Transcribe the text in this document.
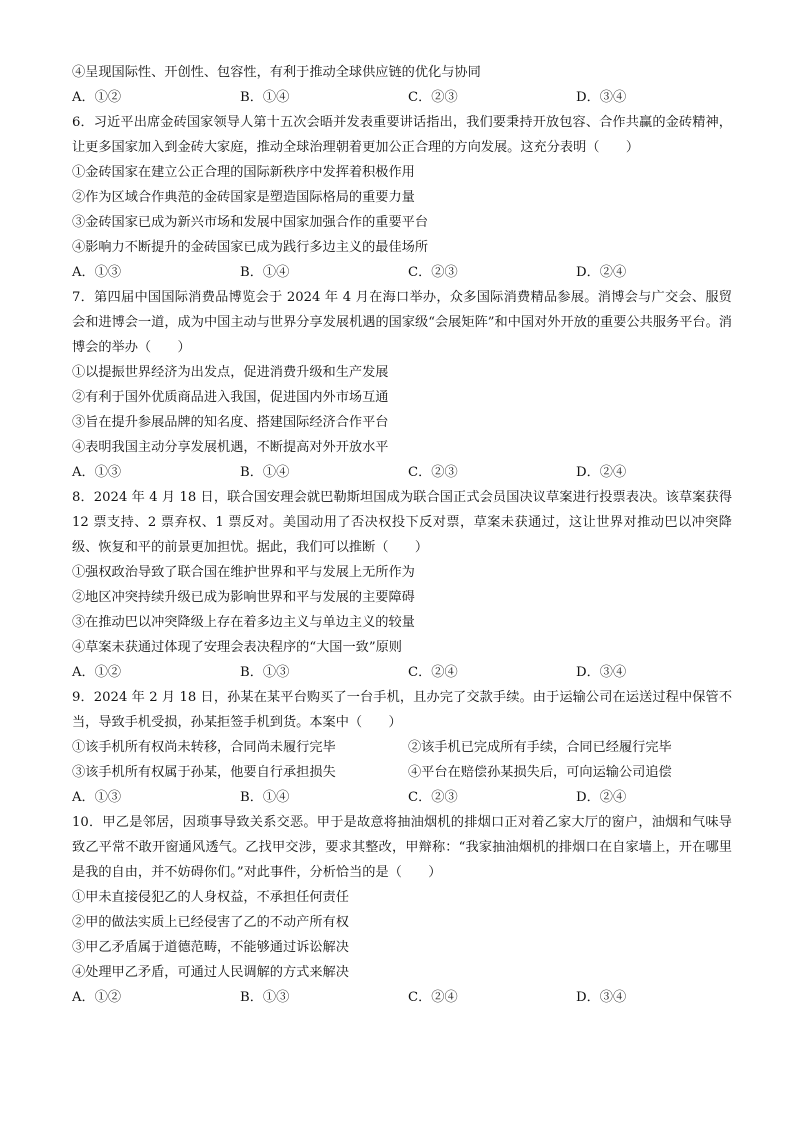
④呈现国际性、开创性、包容性，有利于推动全球供应链的优化与协同
A．①②	B．①④	C．②③	D．③④
6．习近平出席金砖国家领导人第十五次会晤并发表重要讲话指出，我们要秉持开放包容、合作共赢的金砖精神，让更多国家加入到金砖大家庭，推动全球治理朝着更加公正合理的方向发展。这充分表明（　　）
①金砖国家在建立公正合理的国际新秩序中发挥着积极作用
②作为区域合作典范的金砖国家是塑造国际格局的重要力量
③金砖国家已成为新兴市场和发展中国家加强合作的重要平台
④影响力不断提升的金砖国家已成为践行多边主义的最佳场所
A．①③	B．①④	C．②③	D．②④
7．第四届中国国际消费品博览会于 2024 年 4 月在海口举办，众多国际消费精品参展。消博会与广交会、服贸会和进博会一道，成为中国主动与世界分享发展机遇的国家级“会展矩阵”和中国对外开放的重要公共服务平台。消博会的举办（　　）
①以提振世界经济为出发点，促进消费升级和生产发展
②有利于国外优质商品进入我国，促进国内外市场互通
③旨在提升参展品牌的知名度、搭建国际经济合作平台
④表明我国主动分享发展机遇，不断提高对外开放水平
A．①③	B．①④	C．②③	D．②④
8．2024 年 4 月 18 日，联合国安理会就巴勒斯坦国成为联合国正式会员国决议草案进行投票表决。该草案获得 12 票支持、2 票弃权、1 票反对。美国动用了否决权投下反对票，草案未获通过，这让世界对推动巴以冲突降级、恢复和平的前景更加担忧。据此，我们可以推断（　　）
①强权政治导致了联合国在维护世界和平与发展上无所作为
②地区冲突持续升级已成为影响世界和平与发展的主要障碍
③在推动巴以冲突降级上存在着多边主义与单边主义的较量
④草案未获通过体现了安理会表决程序的“大国一致”原则
A．①②	B．①③	C．②④	D．③④
9．2024 年 2 月 18 日，孙某在某平台购买了一台手机，且办完了交款手续。由于运输公司在运送过程中保管不当，导致手机受损，孙某拒签手机到货。本案中（　　）
①该手机所有权尚未转移，合同尚未履行完毕	②该手机已完成所有手续，合同已经履行完毕
③该手机所有权属于孙某，他要自行承担损失	④平台在赔偿孙某损失后，可向运输公司追偿
A．①③	B．①④	C．②③	D．②④
10．甲乙是邻居，因琐事导致关系交恶。甲于是故意将抽油烟机的排烟口正对着乙家大厅的窗户，油烟和气味导致乙平常不敢开窗通风透气。乙找甲交涉，要求其整改，甲辩称：“我家抽油烟机的排烟口在自家墙上，开在哪里是我的自由，并不妨碍你们。”对此事件，分析恰当的是（　　）
①甲未直接侵犯乙的人身权益，不承担任何责任
②甲的做法实质上已经侵害了乙的不动产所有权
③甲乙矛盾属于道德范畴，不能够通过诉讼解决
④处理甲乙矛盾，可通过人民调解的方式来解决
A．①②	B．①③	C．②④	D．③④
